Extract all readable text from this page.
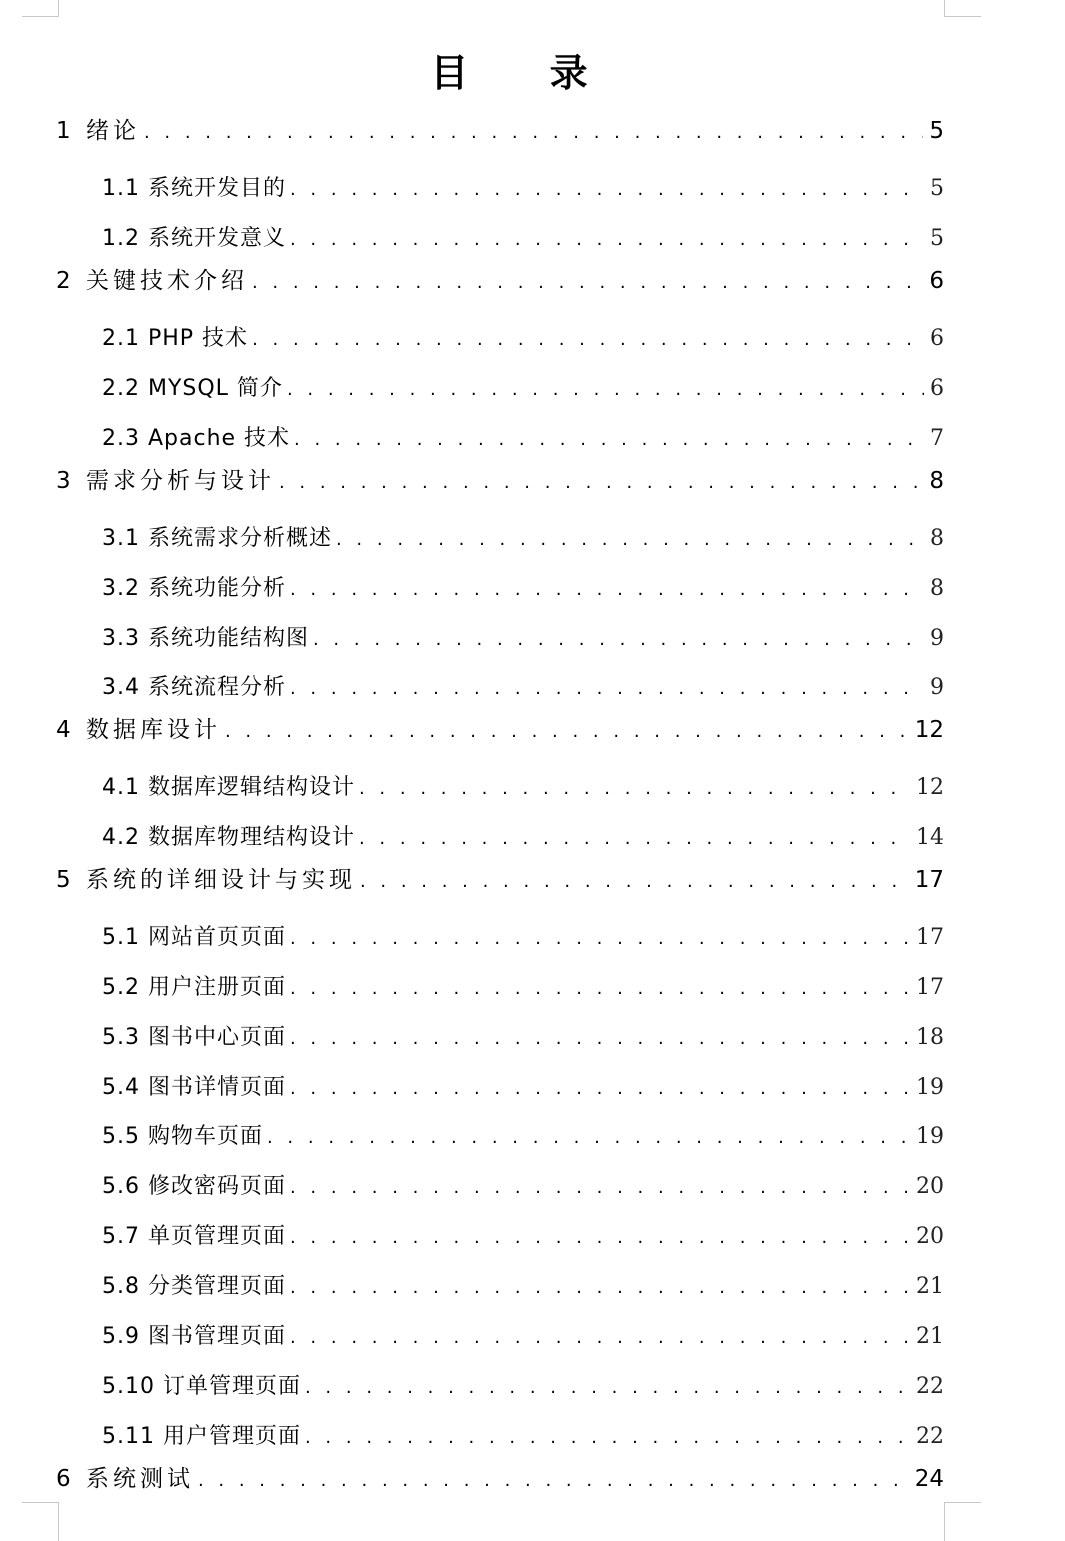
目 录
1 绪论 . . .	5
1.1 系统开发目的 . . .	5
1.2 系统开发意义 . . .	5
2 关键技术介绍 . . .	6
2.1 PHP 技术 . . .	6
2.2 MYSQL 简介 . . .	6
2.3 Apache 技术 . . .	7
3 需求分析与设计 . . .	8
3.1 系统需求分析概述 . . .	8
3.2 系统功能分析 . . .	8
3.3 系统功能结构图 . . .	9
3.4 系统流程分析 . . .	9
4 数据库设计 . . .	12
4.1 数据库逻辑结构设计 . . .	12
4.2 数据库物理结构设计 . . .	14
5 系统的详细设计与实现 . . .	17
5.1 网站首页页面 . . .	17
5.2 用户注册页面 . . .	17
5.3 图书中心页面 . . .	18
5.4 图书详情页面 . . .	19
5.5 购物车页面 . . .	19
5.6 修改密码页面 . . .	20
5.7 单页管理页面 . . .	20
5.8 分类管理页面 . . .	21
5.9 图书管理页面 . . .	21
5.10 订单管理页面 . . .	22
5.11 用户管理页面 . . .	22
6 系统测试 . . .	24
